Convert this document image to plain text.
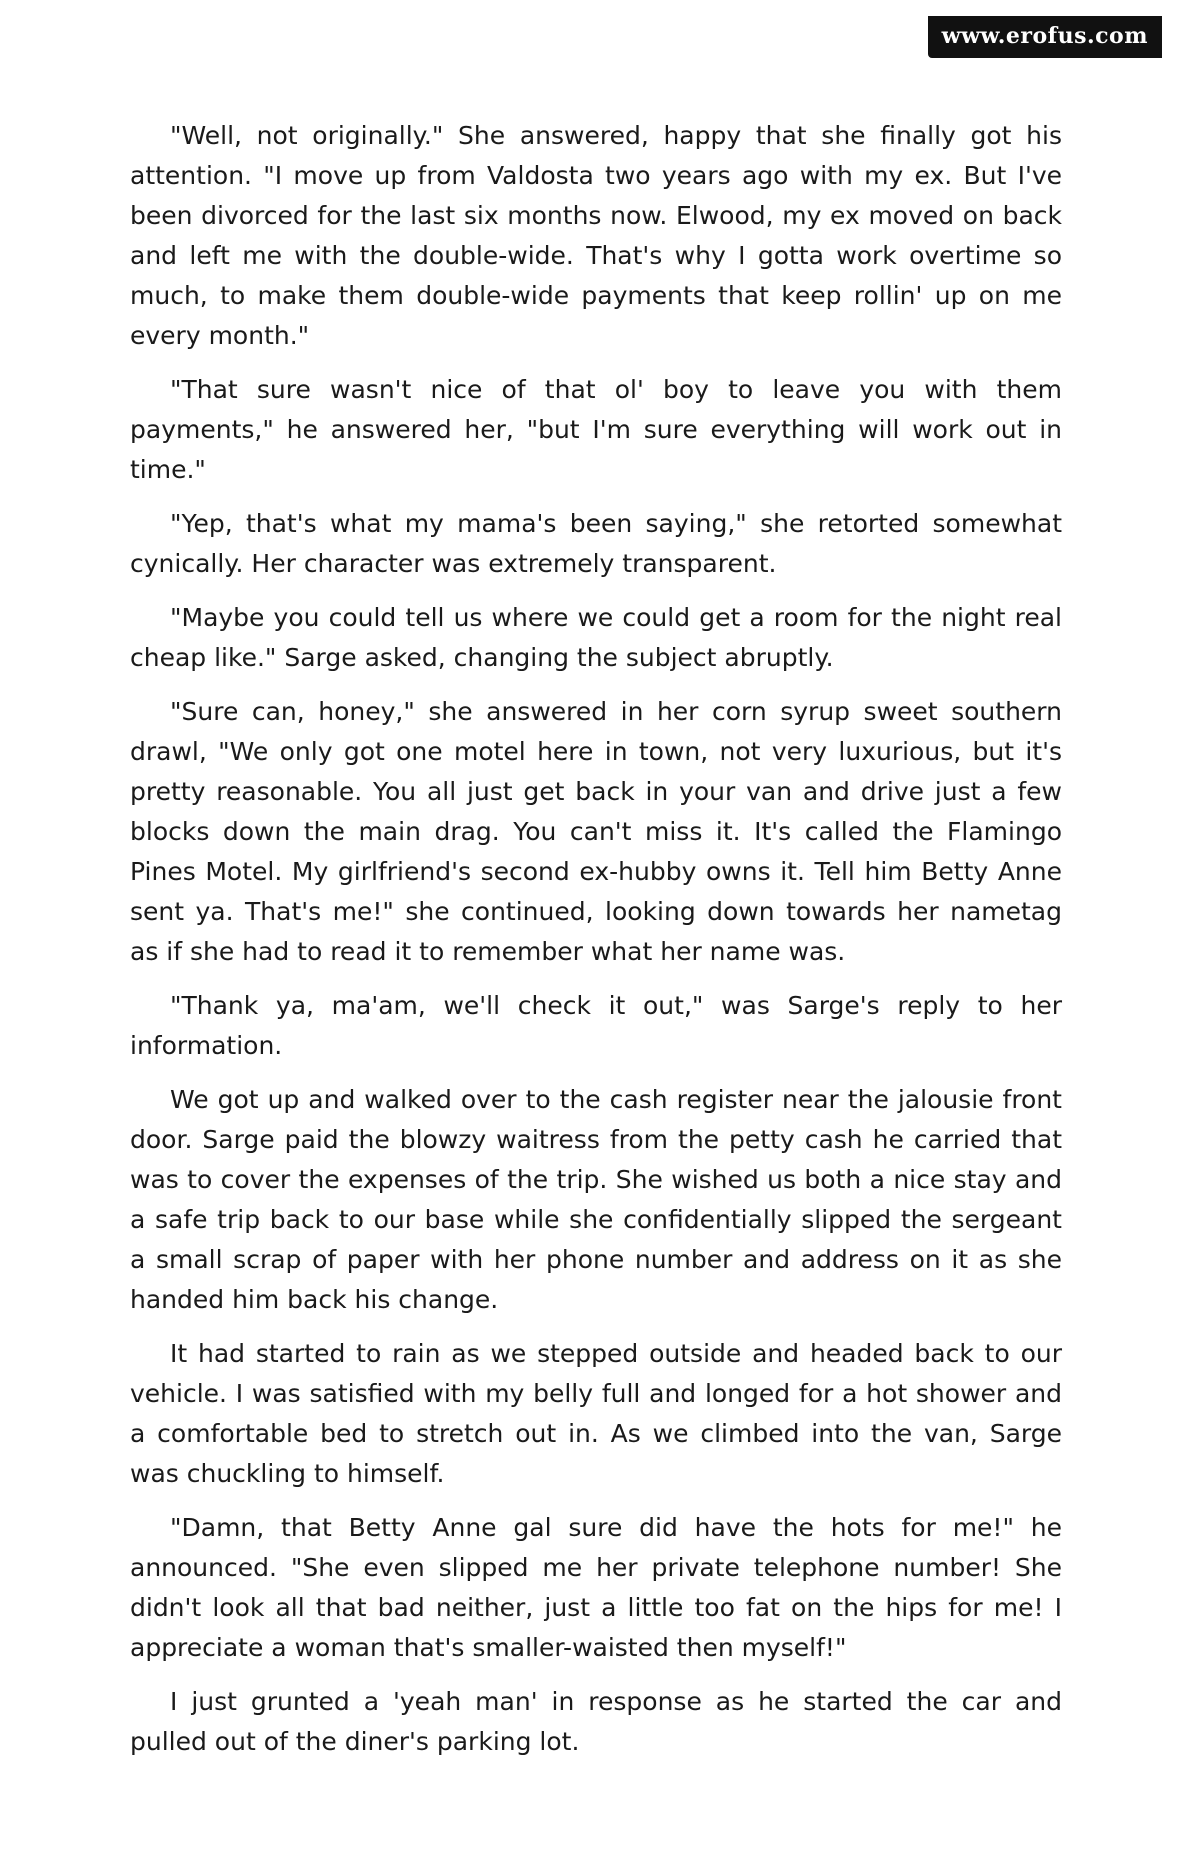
www.erofus.com

"Well, not originally." She answered, happy that she finally got his attention. "I move up from Valdosta two years ago with my ex. But I've been divorced for the last six months now. Elwood, my ex moved on back and left me with the double-wide. That's why I gotta work overtime so much, to make them double-wide payments that keep rollin' up on me every month."

"That sure wasn't nice of that ol' boy to leave you with them payments," he answered her, "but I'm sure everything will work out in time."

"Yep, that's what my mama's been saying," she retorted somewhat cynically. Her character was extremely transparent.

"Maybe you could tell us where we could get a room for the night real cheap like." Sarge asked, changing the subject abruptly.

"Sure can, honey," she answered in her corn syrup sweet southern drawl, "We only got one motel here in town, not very luxurious, but it's pretty reasonable. You all just get back in your van and drive just a few blocks down the main drag. You can't miss it. It's called the Flamingo Pines Motel. My girlfriend's second ex-hubby owns it. Tell him Betty Anne sent ya. That's me!" she continued, looking down towards her nametag as if she had to read it to remember what her name was.

"Thank ya, ma'am, we'll check it out," was Sarge's reply to her information.

We got up and walked over to the cash register near the jalousie front door. Sarge paid the blowzy waitress from the petty cash he carried that was to cover the expenses of the trip. She wished us both a nice stay and a safe trip back to our base while she confidentially slipped the sergeant a small scrap of paper with her phone number and address on it as she handed him back his change.

It had started to rain as we stepped outside and headed back to our vehicle. I was satisfied with my belly full and longed for a hot shower and a comfortable bed to stretch out in. As we climbed into the van, Sarge was chuckling to himself.

"Damn, that Betty Anne gal sure did have the hots for me!" he announced. "She even slipped me her private telephone number! She didn't look all that bad neither, just a little too fat on the hips for me! I appreciate a woman that's smaller-waisted then myself!"

I just grunted a 'yeah man' in response as he started the car and pulled out of the diner's parking lot.
